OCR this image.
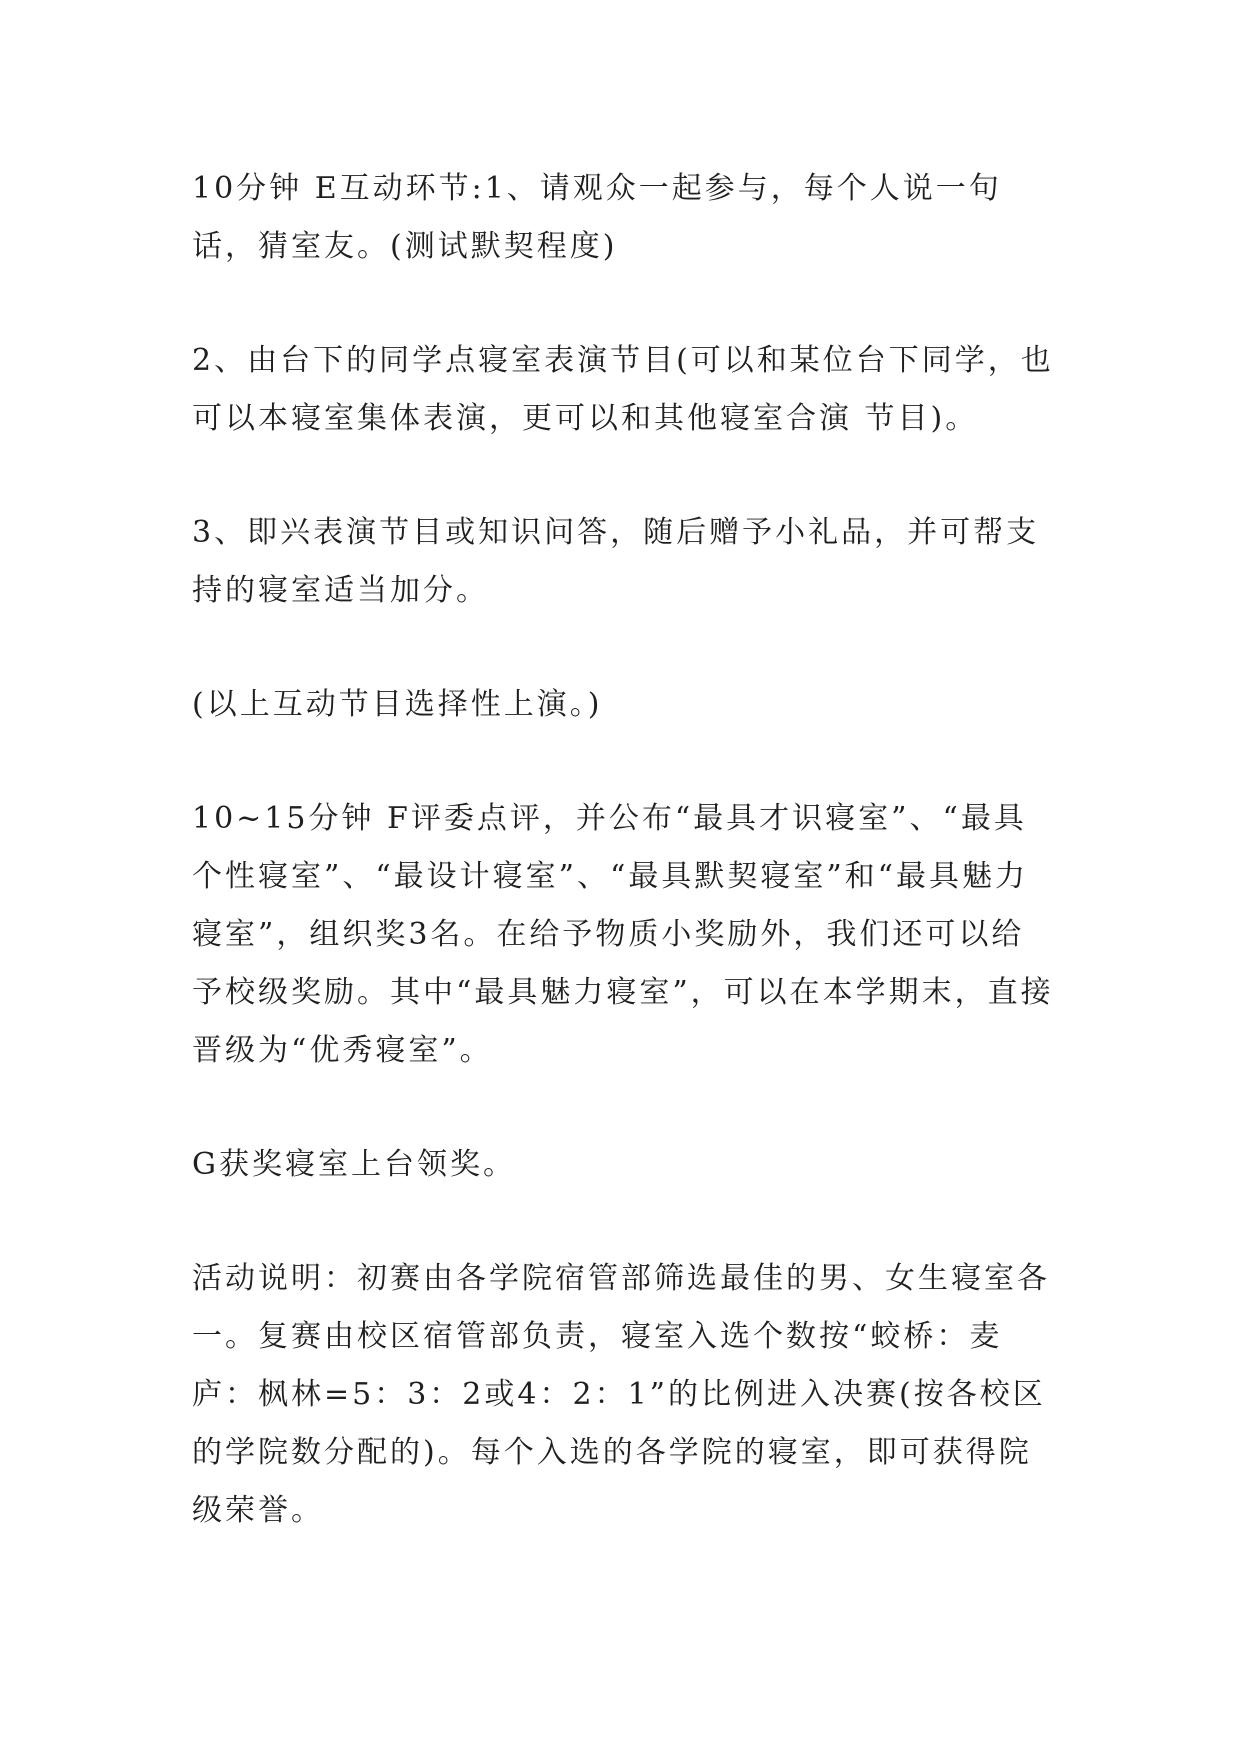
10分钟 E互动环节:1、请观众一起参与，每个人说一句话，猜室友。(测试默契程度)

2、由台下的同学点寝室表演节目(可以和某位台下同学，也可以本寝室集体表演，更可以和其他寝室合演 节目)。

3、即兴表演节目或知识问答，随后赠予小礼品，并可帮支持的寝室适当加分。

(以上互动节目选择性上演。)

10~15分钟 F评委点评，并公布“最具才识寝室”、“最具个性寝室”、“最设计寝室”、“最具默契寝室”和“最具魅力寝室”，组织奖3名。在给予物质小奖励外，我们还可以给予校级奖励。其中“最具魅力寝室”，可以在本学期末，直接晋级为“优秀寝室”。

G获奖寝室上台领奖。

活动说明：初赛由各学院宿管部筛选最佳的男、女生寝室各一。复赛由校区宿管部负责，寝室入选个数按“蛟桥：麦庐：枫林=5：3：2或4：2：1”的比例进入决赛(按各校区的学院数分配的)。每个入选的各学院的寝室，即可获得院级荣誉。
